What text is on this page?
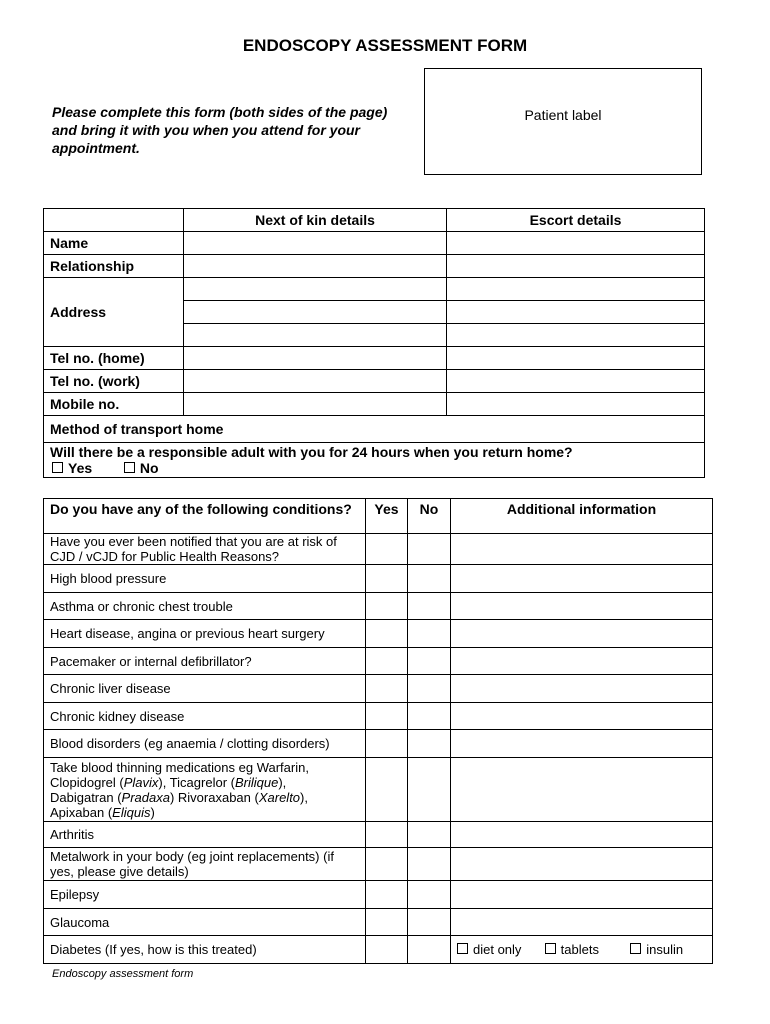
ENDOSCOPY ASSESSMENT FORM
Please complete this form (both sides of the page) and bring it with you when you attend for your appointment.
Patient label
	Next of kin details	Escort details
Name		
Relationship		
Address		

Tel no. (home)		
Tel no. (work)		
Mobile no.		
Method of transport home		

Will there be a responsible adult with you for 24 hours when you return home?
Yes No		
Do you have any of the following conditions?	Yes	No	Additional information
Have you ever been notified that you are at risk of CJD / vCJD for Public Health Reasons?			
High blood pressure			
Asthma or chronic chest trouble			
Heart disease, angina or previous heart surgery			
Pacemaker or internal defibrillator?			
Chronic liver disease			
Chronic kidney disease			
Blood disorders (eg anaemia / clotting disorders)			

Take blood thinning medications eg Warfarin,
Clopidogrel (Plavix), Ticagrelor (Brilique),
Dabigatran (Pradaxa) Rivoraxaban (Xarelto),
Apixaban (Eliquis)			

Arthritis			
Metalwork in your body (eg joint replacements) (if yes, please give details)			
Epilepsy			
Glaucoma			
Diabetes (If yes, how is this treated)			diet only tablets insulin
Endoscopy assessment form
